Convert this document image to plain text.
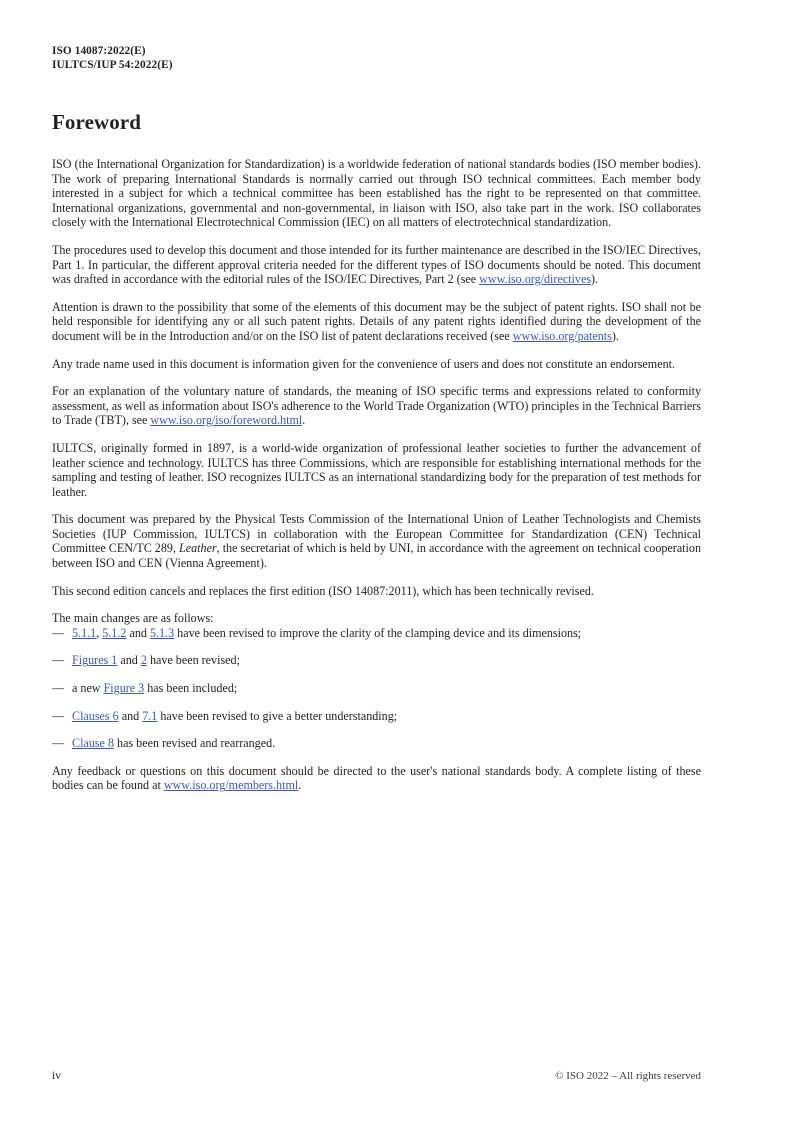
ISO 14087:2022(E)
IULTCS/IUP 54:2022(E)
Foreword

ISO (the International Organization for Standardization) is a worldwide federation of national standards bodies (ISO member bodies). The work of preparing International Standards is normally carried out through ISO technical committees. Each member body interested in a subject for which a technical committee has been established has the right to be represented on that committee. International organizations, governmental and non-governmental, in liaison with ISO, also take part in the work. ISO collaborates closely with the International Electrotechnical Commission (IEC) on all matters of electrotechnical standardization.

The procedures used to develop this document and those intended for its further maintenance are described in the ISO/IEC Directives, Part 1. In particular, the different approval criteria needed for the different types of ISO documents should be noted. This document was drafted in accordance with the editorial rules of the ISO/IEC Directives, Part 2 (see www.iso.org/directives).

Attention is drawn to the possibility that some of the elements of this document may be the subject of patent rights. ISO shall not be held responsible for identifying any or all such patent rights. Details of any patent rights identified during the development of the document will be in the Introduction and/or on the ISO list of patent declarations received (see www.iso.org/patents).

Any trade name used in this document is information given for the convenience of users and does not constitute an endorsement.

For an explanation of the voluntary nature of standards, the meaning of ISO specific terms and expressions related to conformity assessment, as well as information about ISO's adherence to the World Trade Organization (WTO) principles in the Technical Barriers to Trade (TBT), see www.iso.org/iso/foreword.html.

IULTCS, originally formed in 1897, is a world-wide organization of professional leather societies to further the advancement of leather science and technology. IULTCS has three Commissions, which are responsible for establishing international methods for the sampling and testing of leather. ISO recognizes IULTCS as an international standardizing body for the preparation of test methods for leather.

This document was prepared by the Physical Tests Commission of the International Union of Leather Technologists and Chemists Societies (IUP Commission, IULTCS) in collaboration with the European Committee for Standardization (CEN) Technical Committee CEN/TC 289, Leather, the secretariat of which is held by UNI, in accordance with the agreement on technical cooperation between ISO and CEN (Vienna Agreement).

This second edition cancels and replaces the first edition (ISO 14087:2011), which has been technically revised.

The main changes are as follows:

— 5.1.1, 5.1.2 and 5.1.3 have been revised to improve the clarity of the clamping device and its dimensions;
— Figures 1 and 2 have been revised;
— a new Figure 3 has been included;
— Clauses 6 and 7.1 have been revised to give a better understanding;
— Clause 8 has been revised and rearranged.

Any feedback or questions on this document should be directed to the user's national standards body. A complete listing of these bodies can be found at www.iso.org/members.html.

iv	© ISO 2022 – All rights reserved
